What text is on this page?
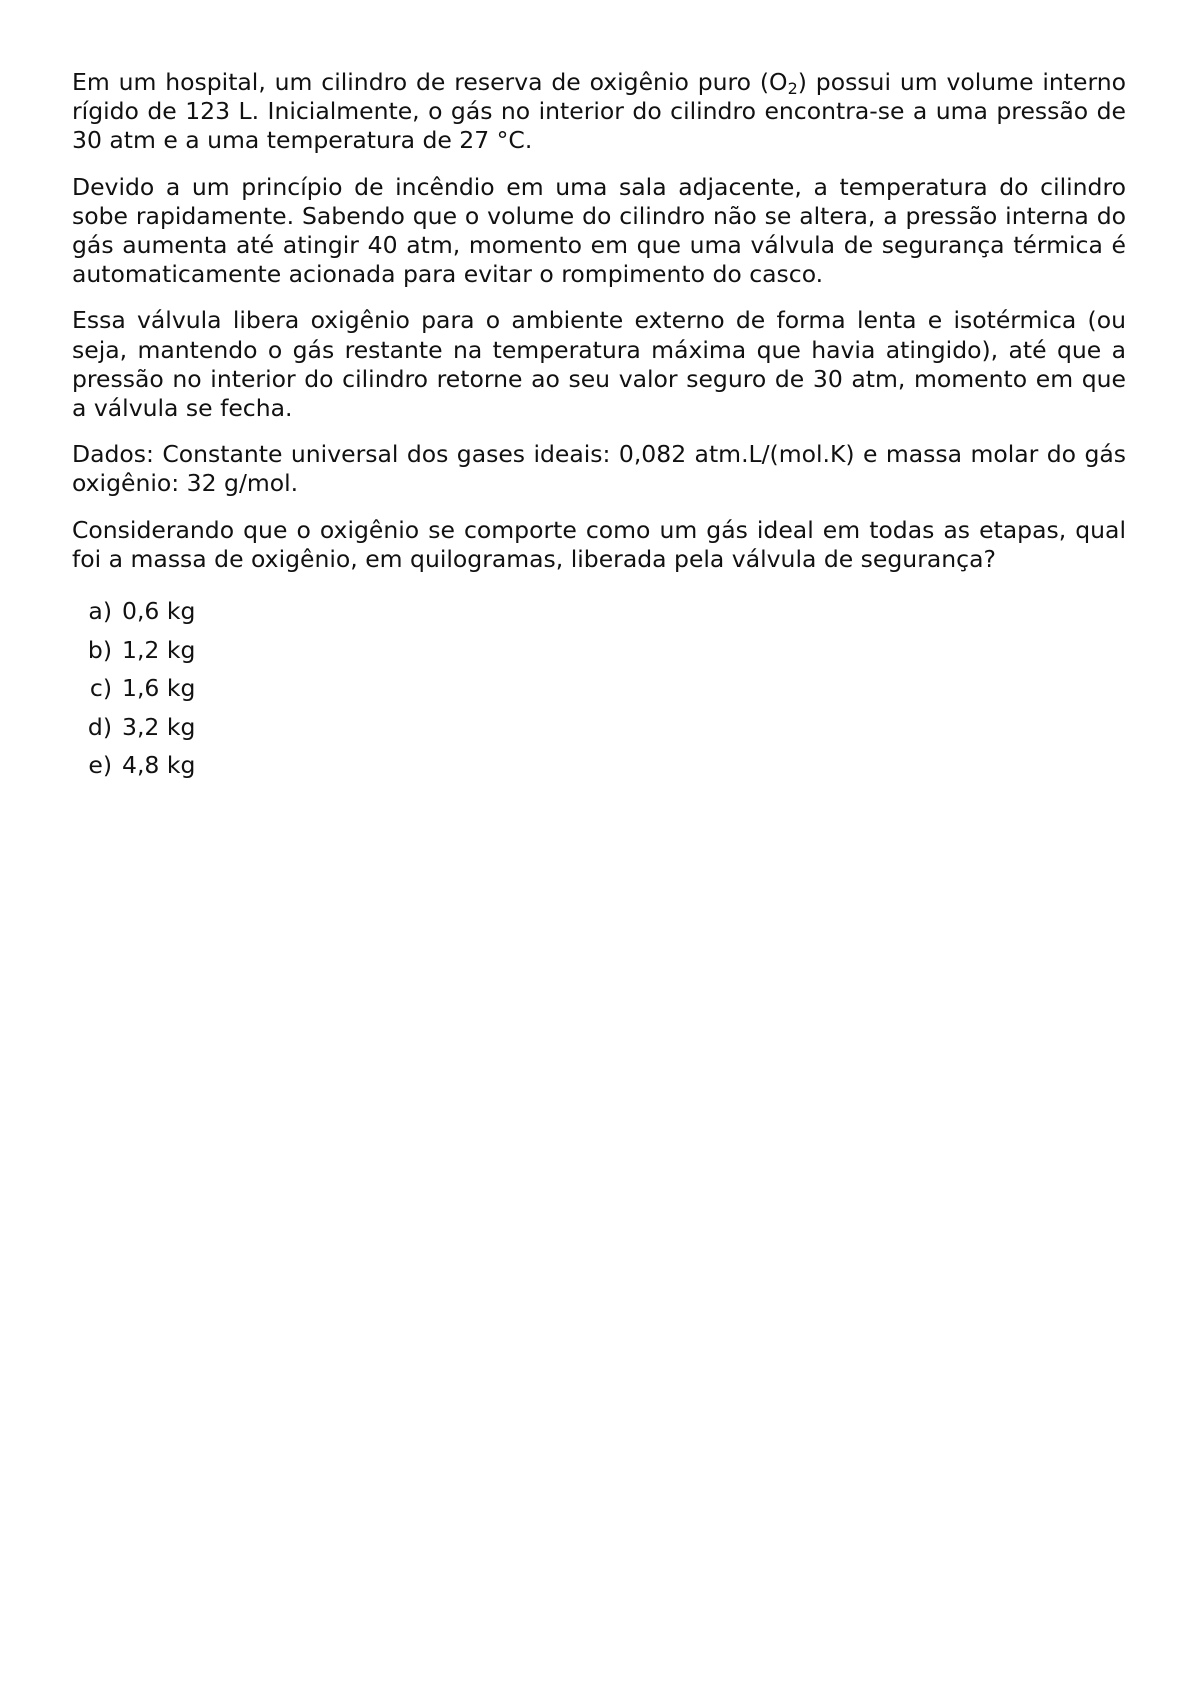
Em um hospital, um cilindro de reserva de oxigênio puro $(O_2)$ possui um volume interno rígido de 123 L. Inicialmente, o gás no interior do cilindro encontra-se a uma pressão de 30 atm e a uma temperatura de 27 °C.

Devido a um princípio de incêndio em uma sala adjacente, a temperatura do cilindro sobe rapidamente. Sabendo que o volume do cilindro não se altera, a pressão interna do gás aumenta até atingir 40 atm, momento em que uma válvula de segurança térmica é automaticamente acionada para evitar o rompimento do casco.

Essa válvula libera oxigênio para o ambiente externo de forma lenta e isotérmica (ou seja, mantendo o gás restante na temperatura máxima que havia atingido), até que a pressão no interior do cilindro retorne ao seu valor seguro de 30 atm, momento em que a válvula se fecha.

Dados: Constante universal dos gases ideais: 0,082 atm.L/(mol.K) e massa molar do gás oxigênio: 32 g/mol.

Considerando que o oxigênio se comporte como um gás ideal em todas as etapas, qual foi a massa de oxigênio, em quilogramas, liberada pela válvula de segurança?

a) 0,6 kg
b) 1,2 kg
c) 1,6 kg
d) 3,2 kg
e) 4,8 kg
